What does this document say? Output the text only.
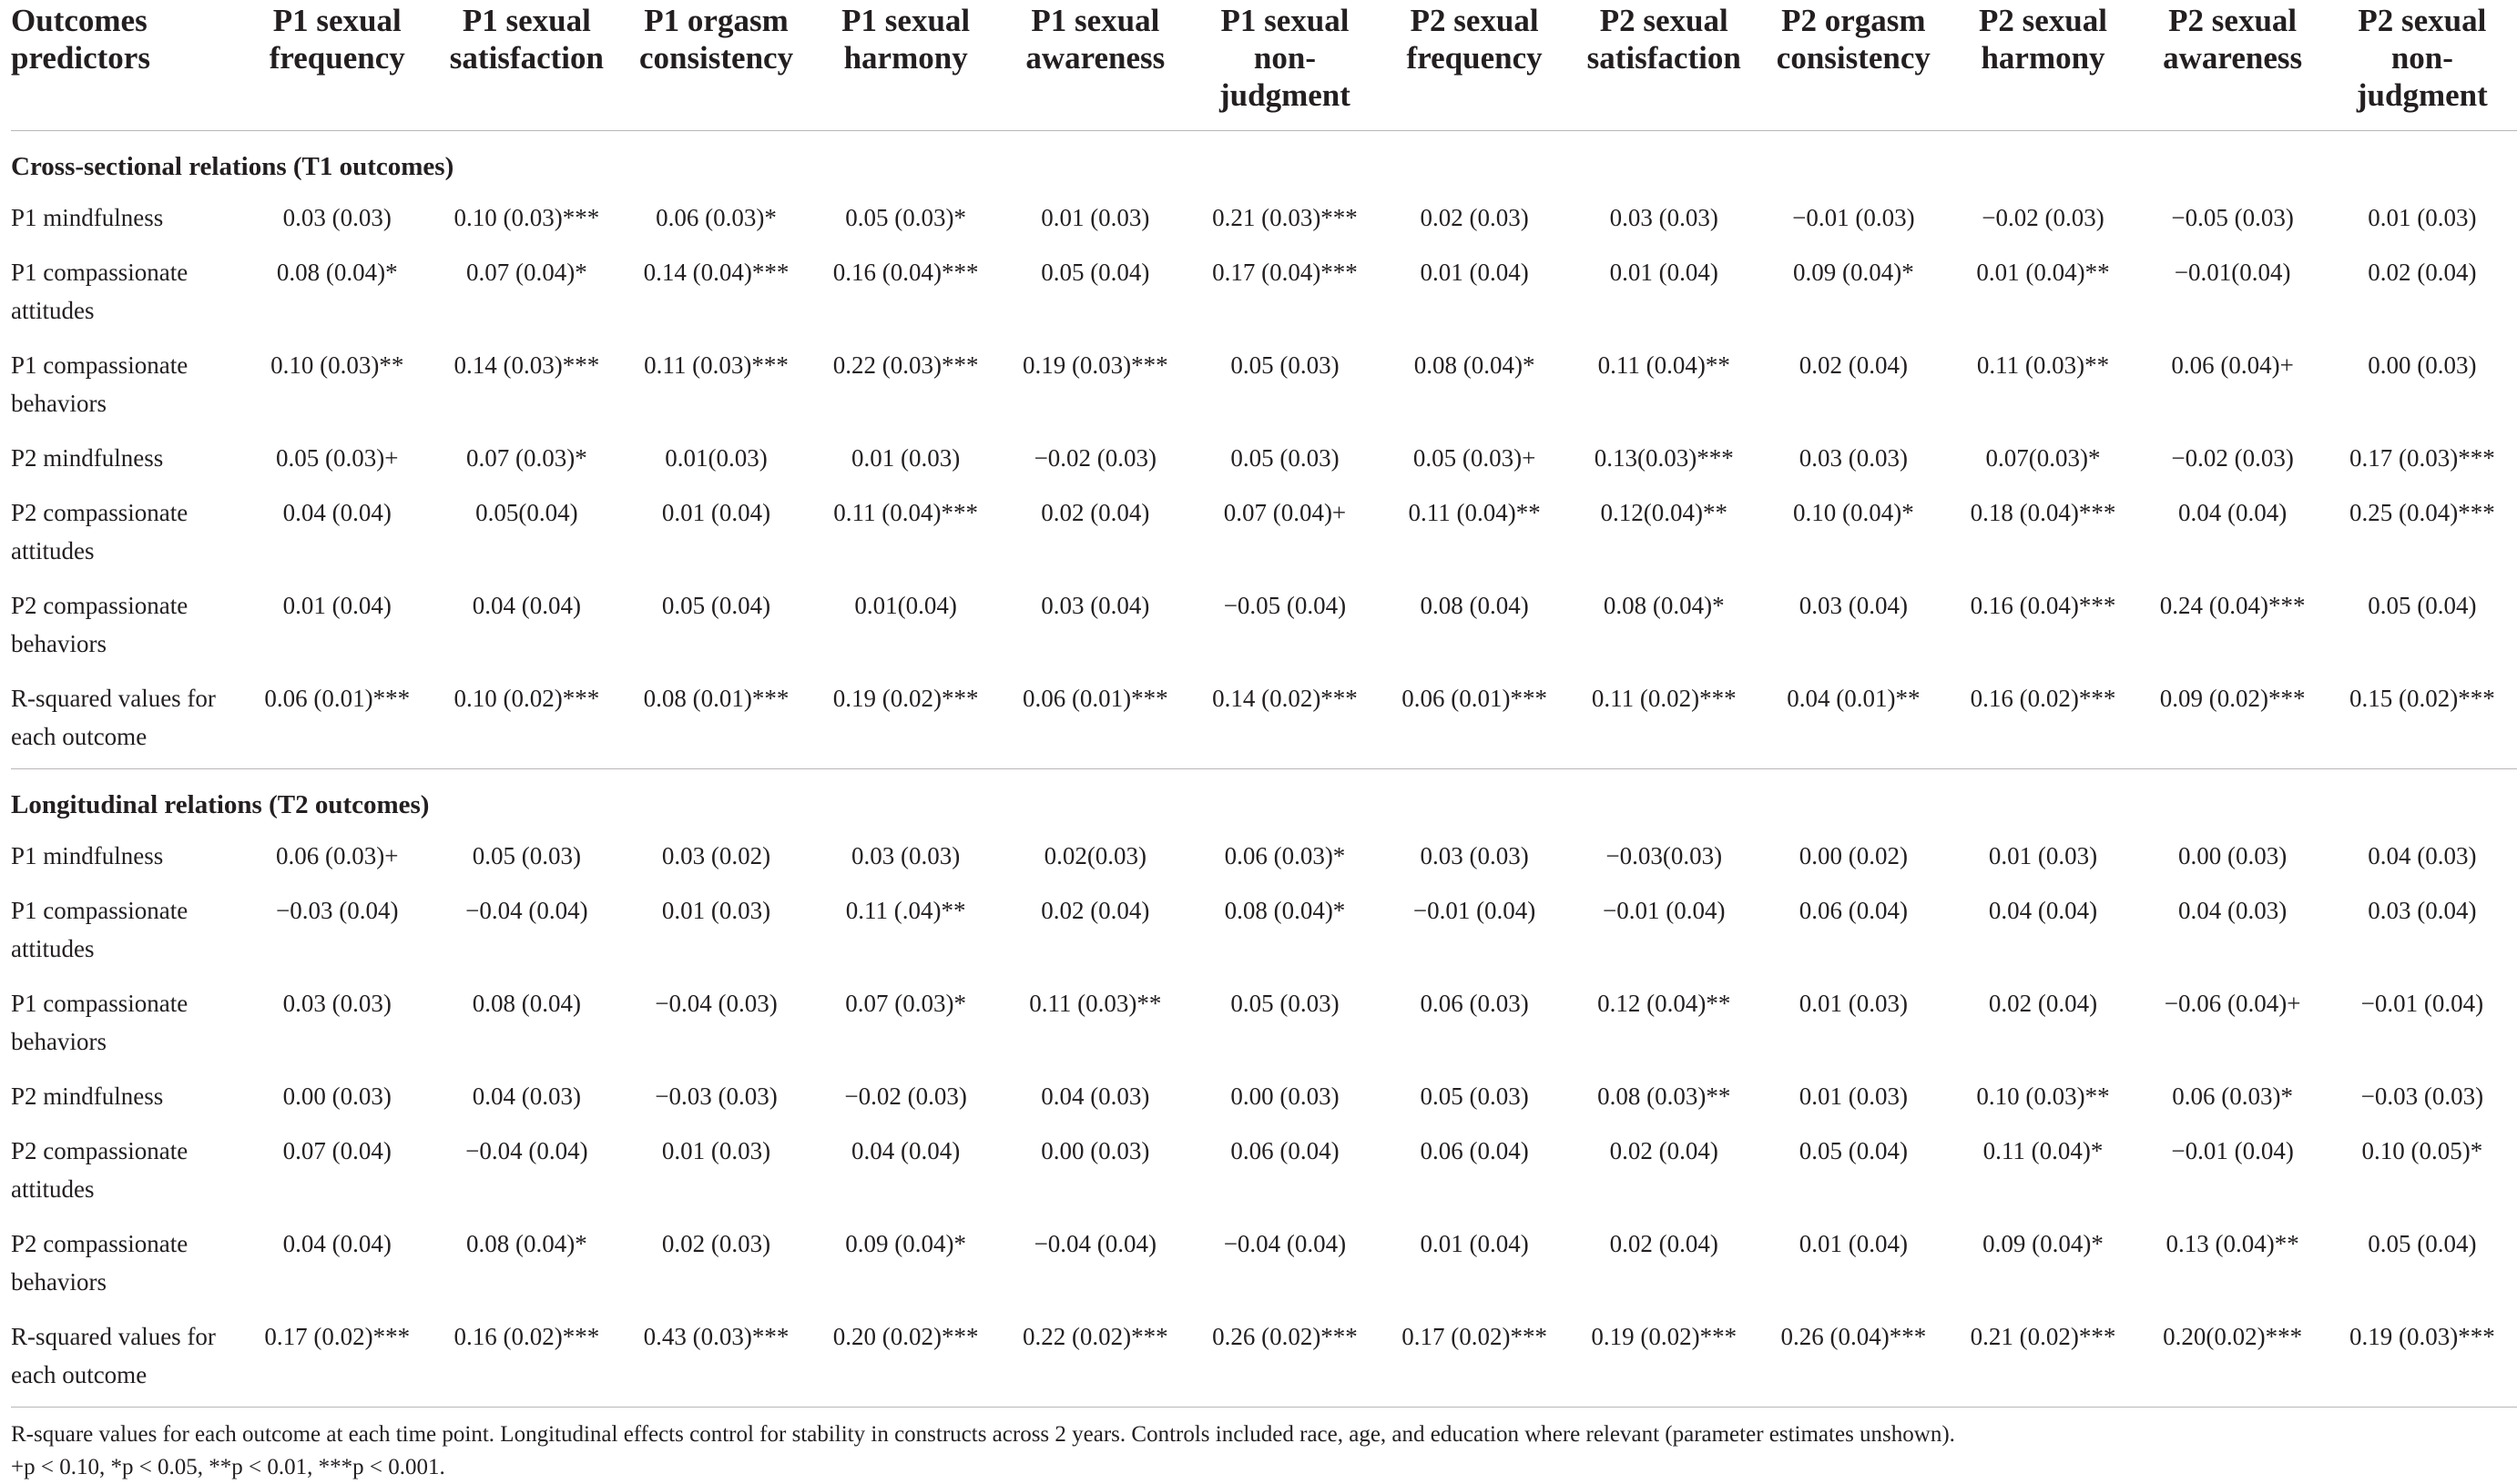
Outcomes predictors	P1 sexual frequency	P1 sexual satisfaction	P1 orgasm consistency	P1 sexual harmony	P1 sexual awareness	P1 sexual non-judgment	P2 sexual frequency	P2 sexual satisfaction	P2 orgasm consistency	P2 sexual harmony	P2 sexual awareness	P2 sexual non-judgment
Cross-sectional relations (T1 outcomes)												
P1 mindfulness	0.03 (0.03)	0.10 (0.03)***	0.06 (0.03)*	0.05 (0.03)*	0.01 (0.03)	0.21 (0.03)***	0.02 (0.03)	0.03 (0.03)	−0.01 (0.03)	−0.02 (0.03)	−0.05 (0.03)	0.01 (0.03)
P1 compassionate attitudes	0.08 (0.04)*	0.07 (0.04)*	0.14 (0.04)***	0.16 (0.04)***	0.05 (0.04)	0.17 (0.04)***	0.01 (0.04)	0.01 (0.04)	0.09 (0.04)*	0.01 (0.04)**	−0.01(0.04)	0.02 (0.04)
P1 compassionate behaviors	0.10 (0.03)**	0.14 (0.03)***	0.11 (0.03)***	0.22 (0.03)***	0.19 (0.03)***	0.05 (0.03)	0.08 (0.04)*	0.11 (0.04)**	0.02 (0.04)	0.11 (0.03)**	0.06 (0.04)+	0.00 (0.03)
P2 mindfulness	0.05 (0.03)+	0.07 (0.03)*	0.01(0.03)	0.01 (0.03)	−0.02 (0.03)	0.05 (0.03)	0.05 (0.03)+	0.13(0.03)***	0.03 (0.03)	0.07(0.03)*	−0.02 (0.03)	0.17 (0.03)***
P2 compassionate attitudes	0.04 (0.04)	0.05(0.04)	0.01 (0.04)	0.11 (0.04)***	0.02 (0.04)	0.07 (0.04)+	0.11 (0.04)**	0.12(0.04)**	0.10 (0.04)*	0.18 (0.04)***	0.04 (0.04)	0.25 (0.04)***
P2 compassionate behaviors	0.01 (0.04)	0.04 (0.04)	0.05 (0.04)	0.01(0.04)	0.03 (0.04)	−0.05 (0.04)	0.08 (0.04)	0.08 (0.04)*	0.03 (0.04)	0.16 (0.04)***	0.24 (0.04)***	0.05 (0.04)
R-squared values for each outcome	0.06 (0.01)***	0.10 (0.02)***	0.08 (0.01)***	0.19 (0.02)***	0.06 (0.01)***	0.14 (0.02)***	0.06 (0.01)***	0.11 (0.02)***	0.04 (0.01)**	0.16 (0.02)***	0.09 (0.02)***	0.15 (0.02)***
Longitudinal relations (T2 outcomes)												
P1 mindfulness	0.06 (0.03)+	0.05 (0.03)	0.03 (0.02)	0.03 (0.03)	0.02(0.03)	0.06 (0.03)*	0.03 (0.03)	−0.03(0.03)	0.00 (0.02)	0.01 (0.03)	0.00 (0.03)	0.04 (0.03)
P1 compassionate attitudes	−0.03 (0.04)	−0.04 (0.04)	0.01 (0.03)	0.11 (.04)**	0.02 (0.04)	0.08 (0.04)*	−0.01 (0.04)	−0.01 (0.04)	0.06 (0.04)	0.04 (0.04)	0.04 (0.03)	0.03 (0.04)
P1 compassionate behaviors	0.03 (0.03)	0.08 (0.04)	−0.04 (0.03)	0.07 (0.03)*	0.11 (0.03)**	0.05 (0.03)	0.06 (0.03)	0.12 (0.04)**	0.01 (0.03)	0.02 (0.04)	−0.06 (0.04)+	−0.01 (0.04)
P2 mindfulness	0.00 (0.03)	0.04 (0.03)	−0.03 (0.03)	−0.02 (0.03)	0.04 (0.03)	0.00 (0.03)	0.05 (0.03)	0.08 (0.03)**	0.01 (0.03)	0.10 (0.03)**	0.06 (0.03)*	−0.03 (0.03)
P2 compassionate attitudes	0.07 (0.04)	−0.04 (0.04)	0.01 (0.03)	0.04 (0.04)	0.00 (0.03)	0.06 (0.04)	0.06 (0.04)	0.02 (0.04)	0.05 (0.04)	0.11 (0.04)*	−0.01 (0.04)	0.10 (0.05)*
P2 compassionate behaviors	0.04 (0.04)	0.08 (0.04)*	0.02 (0.03)	0.09 (0.04)*	−0.04 (0.04)	−0.04 (0.04)	0.01 (0.04)	0.02 (0.04)	0.01 (0.04)	0.09 (0.04)*	0.13 (0.04)**	0.05 (0.04)
R-squared values for each outcome	0.17 (0.02)***	0.16 (0.02)***	0.43 (0.03)***	0.20 (0.02)***	0.22 (0.02)***	0.26 (0.02)***	0.17 (0.02)***	0.19 (0.02)***	0.26 (0.04)***	0.21 (0.02)***	0.20(0.02)***	0.19 (0.03)***

R-square values for each outcome at each time point. Longitudinal effects control for stability in constructs across 2 years. Controls included race, age, and education where relevant (parameter estimates unshown).

+p < 0.10, *p < 0.05, **p < 0.01, ***p < 0.001.
